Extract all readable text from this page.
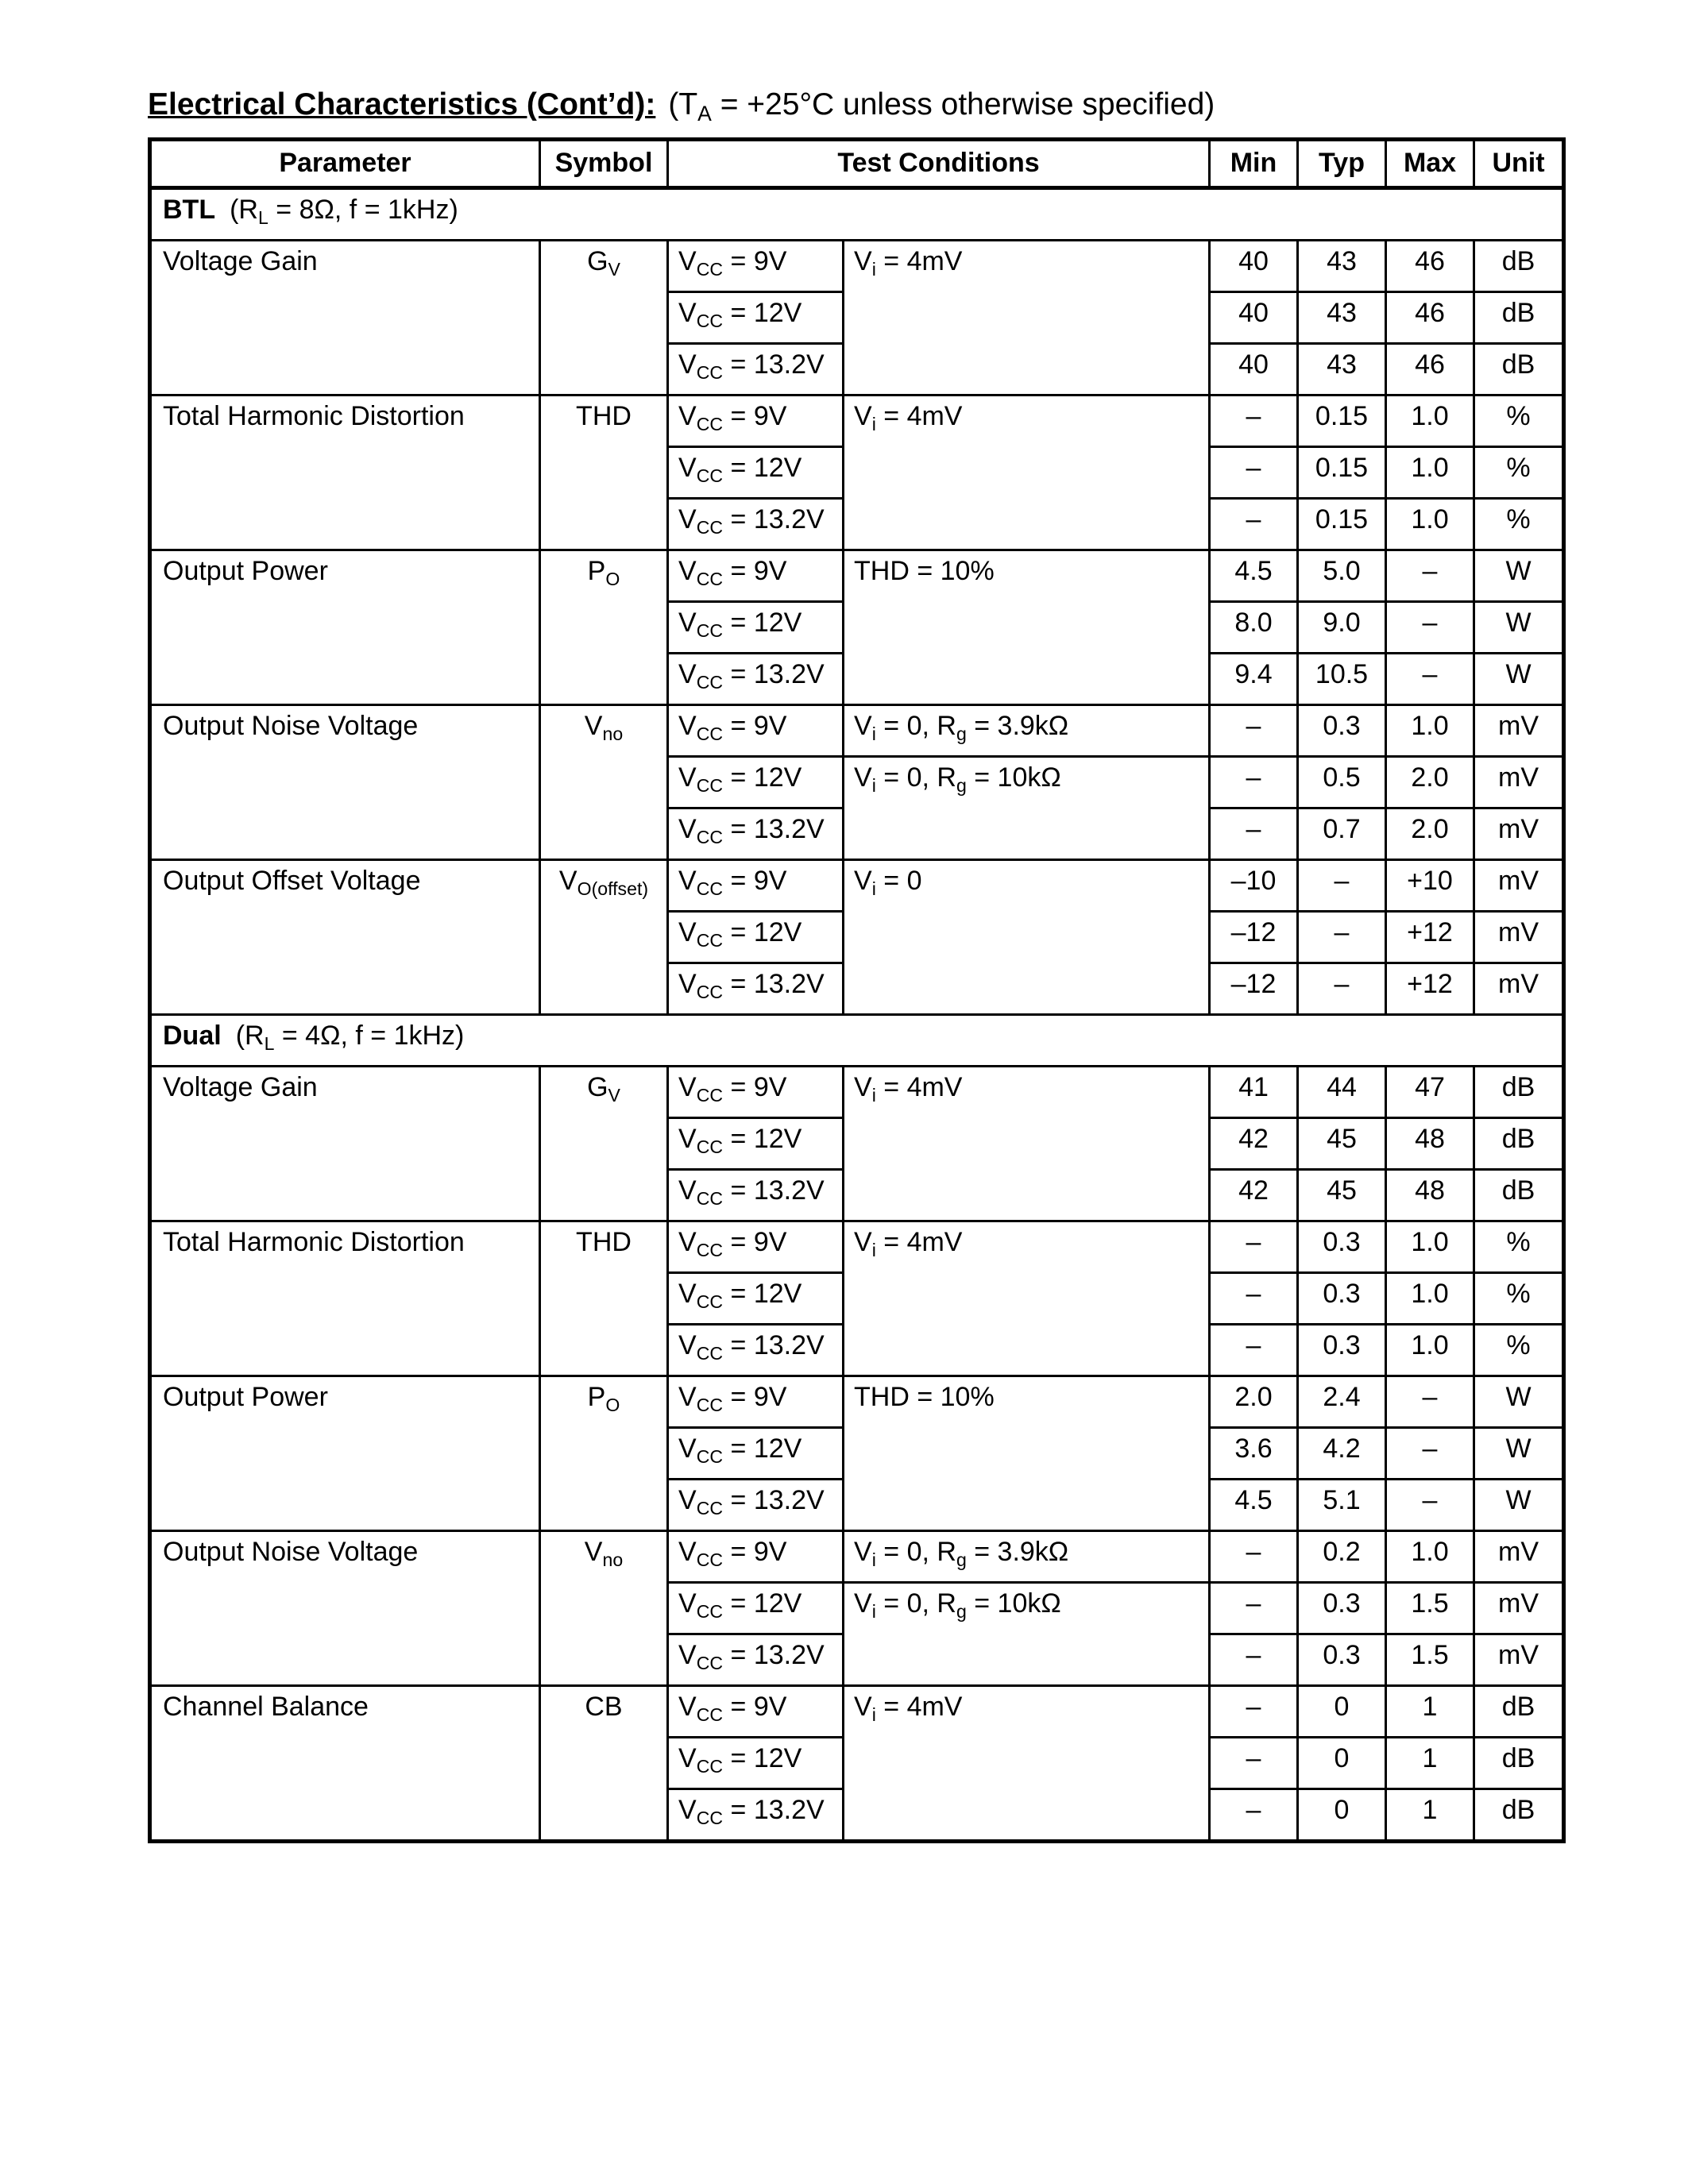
Electrical Characteristics (Cont’d): ($T_A = +25^\circ C$ unless otherwise specified)
Parameter	Symbol	Test Conditions		Min	Typ	Max	Unit
BTL ($R_L = 8\Omega$, f = 1kHz)							
Voltage Gain	$G_V$	$V_{CC} = 9V$	$V_i = 4mV$	40	43	46	dB
		$V_{CC} = 12V$		40	43	46	dB
		$V_{CC} = 13.2V$		40	43	46	dB
Total Harmonic Distortion	THD	$V_{CC} = 9V$	$V_i = 4mV$	–	0.15	1.0	%
		$V_{CC} = 12V$		–	0.15	1.0	%
		$V_{CC} = 13.2V$		–	0.15	1.0	%
Output Power	$P_O$	$V_{CC} = 9V$	THD = 10%	4.5	5.0	–	W
		$V_{CC} = 12V$		8.0	9.0	–	W
		$V_{CC} = 13.2V$		9.4	10.5	–	W
Output Noise Voltage	$V_{no}$	$V_{CC} = 9V$	$V_i = 0$, $R_g = 3.9k\Omega$	–	0.3	1.0	mV
		$V_{CC} = 12V$	$V_i = 0$, $R_g = 10k\Omega$	–	0.5	2.0	mV
		$V_{CC} = 13.2V$		–	0.7	2.0	mV
Output Offset Voltage	$V_{O(offset)}$	$V_{CC} = 9V$	$V_i = 0$	–10	–	+10	mV
		$V_{CC} = 12V$		–12	–	+12	mV
		$V_{CC} = 13.2V$		–12	–	+12	mV
Dual ($R_L = 4\Omega$, f = 1kHz)							
Voltage Gain	$G_V$	$V_{CC} = 9V$	$V_i = 4mV$	41	44	47	dB
		$V_{CC} = 12V$		42	45	48	dB
		$V_{CC} = 13.2V$		42	45	48	dB
Total Harmonic Distortion	THD	$V_{CC} = 9V$	$V_i = 4mV$	–	0.3	1.0	%
		$V_{CC} = 12V$		–	0.3	1.0	%
		$V_{CC} = 13.2V$		–	0.3	1.0	%
Output Power	$P_O$	$V_{CC} = 9V$	THD = 10%	2.0	2.4	–	W
		$V_{CC} = 12V$		3.6	4.2	–	W
		$V_{CC} = 13.2V$		4.5	5.1	–	W
Output Noise Voltage	$V_{no}$	$V_{CC} = 9V$	$V_i = 0$, $R_g = 3.9k\Omega$	–	0.2	1.0	mV
		$V_{CC} = 12V$	$V_i = 0$, $R_g = 10k\Omega$	–	0.3	1.5	mV
		$V_{CC} = 13.2V$		–	0.3	1.5	mV
Channel Balance	CB	$V_{CC} = 9V$	$V_i = 4mV$	–	0	1	dB
		$V_{CC} = 12V$		–	0	1	dB
		$V_{CC} = 13.2V$		–	0	1	dB
